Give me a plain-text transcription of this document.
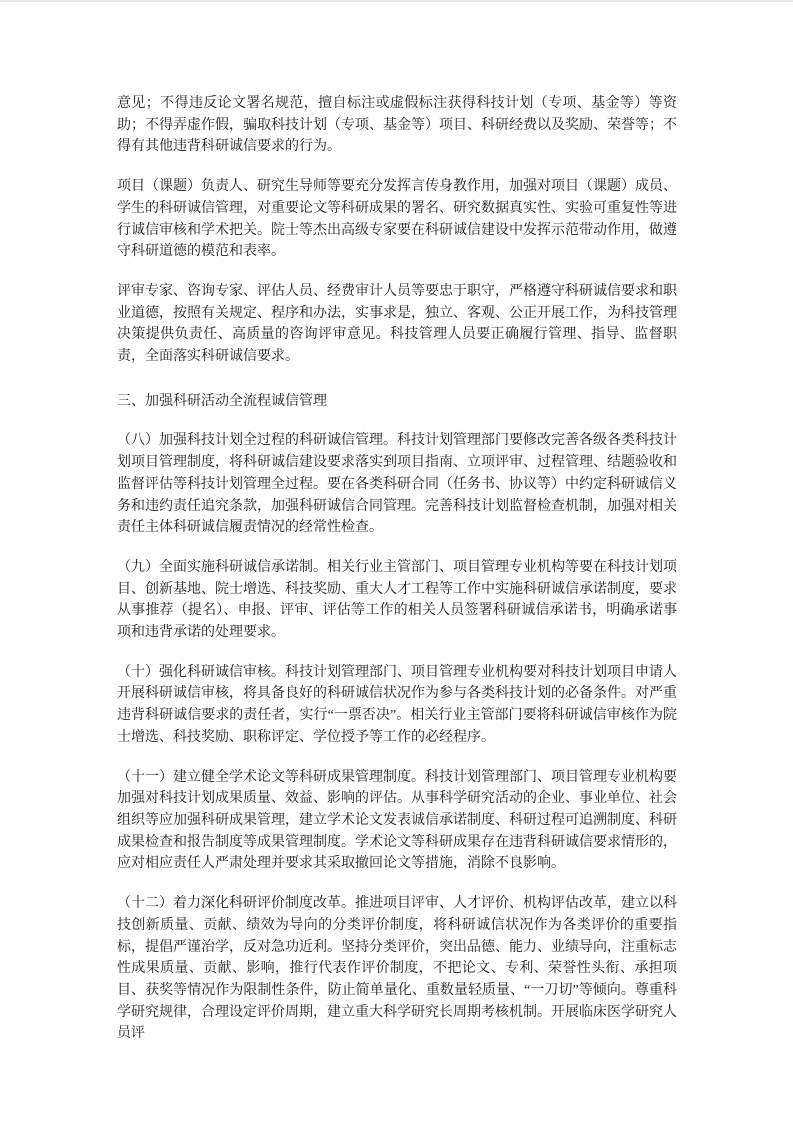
意见；不得违反论文署名规范，擅自标注或虚假标注获得科技计划（专项、基金等）等资助；不得弄虚作假，骗取科技计划（专项、基金等）项目、科研经费以及奖励、荣誉等；不得有其他违背科研诚信要求的行为。

项目（课题）负责人、研究生导师等要充分发挥言传身教作用，加强对项目（课题）成员、学生的科研诚信管理，对重要论文等科研成果的署名、研究数据真实性、实验可重复性等进行诚信审核和学术把关。院士等杰出高级专家要在科研诚信建设中发挥示范带动作用，做遵守科研道德的模范和表率。

评审专家、咨询专家、评估人员、经费审计人员等要忠于职守，严格遵守科研诚信要求和职业道德，按照有关规定、程序和办法，实事求是，独立、客观、公正开展工作，为科技管理决策提供负责任、高质量的咨询评审意见。科技管理人员要正确履行管理、指导、监督职责，全面落实科研诚信要求。

三、加强科研活动全流程诚信管理

（八）加强科技计划全过程的科研诚信管理。科技计划管理部门要修改完善各级各类科技计划项目管理制度，将科研诚信建设要求落实到项目指南、立项评审、过程管理、结题验收和监督评估等科技计划管理全过程。要在各类科研合同（任务书、协议等）中约定科研诚信义务和违约责任追究条款，加强科研诚信合同管理。完善科技计划监督检查机制，加强对相关责任主体科研诚信履责情况的经常性检查。

（九）全面实施科研诚信承诺制。相关行业主管部门、项目管理专业机构等要在科技计划项目、创新基地、院士增选、科技奖励、重大人才工程等工作中实施科研诚信承诺制度，要求从事推荐（提名）、申报、评审、评估等工作的相关人员签署科研诚信承诺书，明确承诺事项和违背承诺的处理要求。

（十）强化科研诚信审核。科技计划管理部门、项目管理专业机构要对科技计划项目申请人开展科研诚信审核，将具备良好的科研诚信状况作为参与各类科技计划的必备条件。对严重违背科研诚信要求的责任者，实行“一票否决”。相关行业主管部门要将科研诚信审核作为院士增选、科技奖励、职称评定、学位授予等工作的必经程序。

（十一）建立健全学术论文等科研成果管理制度。科技计划管理部门、项目管理专业机构要加强对科技计划成果质量、效益、影响的评估。从事科学研究活动的企业、事业单位、社会组织等应加强科研成果管理，建立学术论文发表诚信承诺制度、科研过程可追溯制度、科研成果检查和报告制度等成果管理制度。学术论文等科研成果存在违背科研诚信要求情形的，应对相应责任人严肃处理并要求其采取撤回论文等措施，消除不良影响。

（十二）着力深化科研评价制度改革。推进项目评审、人才评价、机构评估改革，建立以科技创新质量、贡献、绩效为导向的分类评价制度，将科研诚信状况作为各类评价的重要指标，提倡严谨治学，反对急功近利。坚持分类评价，突出品德、能力、业绩导向，注重标志性成果质量、贡献、影响，推行代表作评价制度，不把论文、专利、荣誉性头衔、承担项目、获奖等情况作为限制性条件，防止简单量化、重数量轻质量、“一刀切”等倾向。尊重科学研究规律，合理设定评价周期，建立重大科学研究长周期考核机制。开展临床医学研究人员评
